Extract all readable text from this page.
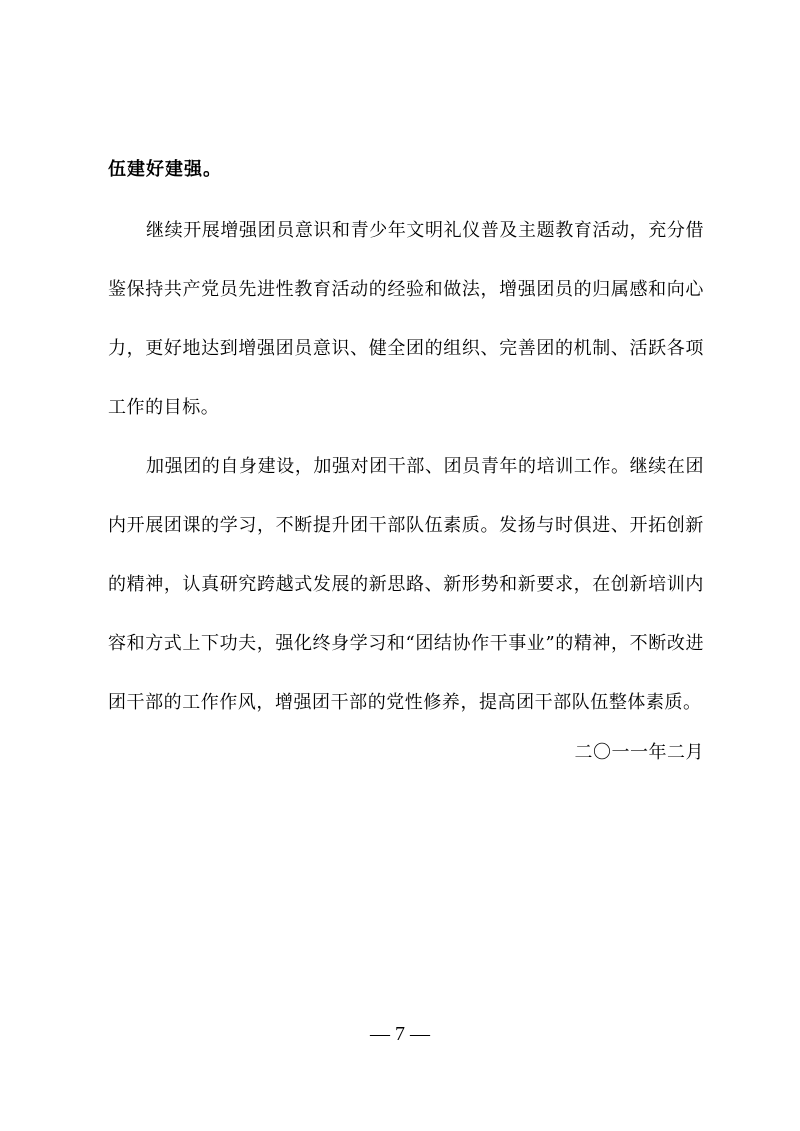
伍建好建强。

继续开展增强团员意识和青少年文明礼仪普及主题教育活动，充分借鉴保持共产党员先进性教育活动的经验和做法，增强团员的归属感和向心力，更好地达到增强团员意识、健全团的组织、完善团的机制、活跃各项工作的目标。

加强团的自身建设，加强对团干部、团员青年的培训工作。继续在团内开展团课的学习，不断提升团干部队伍素质。发扬与时俱进、开拓创新的精神，认真研究跨越式发展的新思路、新形势和新要求，在创新培训内容和方式上下功夫，强化终身学习和“团结协作干事业”的精神，不断改进团干部的工作作风，增强团干部的党性修养，提高团干部队伍整体素质。

二〇一一年二月
— 7 —
